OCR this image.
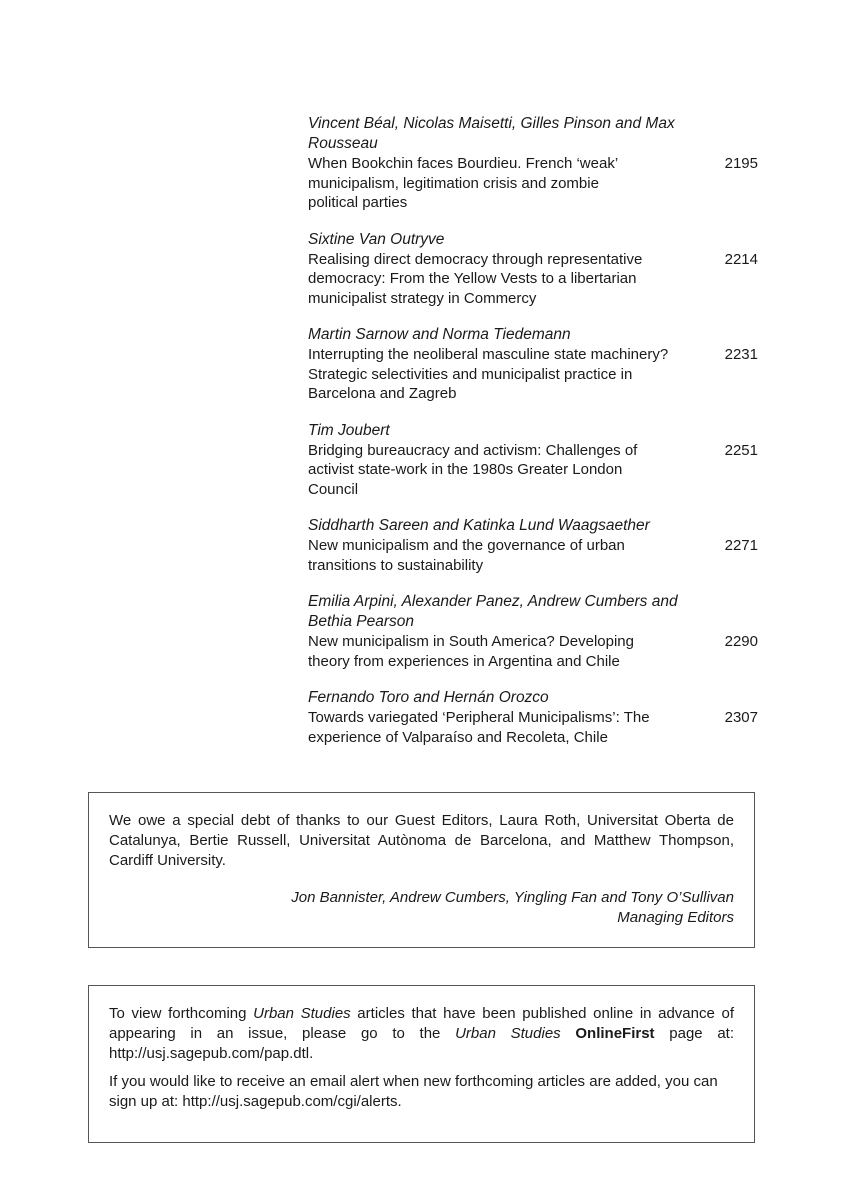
Vincent Béal, Nicolas Maisetti, Gilles Pinson and Max Rousseau
2195
When Bookchin faces Bourdieu. French ‘weak’ municipalism, legitimation crisis and zombie political parties
Sixtine Van Outryve
2214
Realising direct democracy through representative democracy: From the Yellow Vests to a libertarian municipalist strategy in Commercy
Martin Sarnow and Norma Tiedemann
2231
Interrupting the neoliberal masculine state machinery? Strategic selectivities and municipalist practice in Barcelona and Zagreb
Tim Joubert
2251
Bridging bureaucracy and activism: Challenges of activist state-work in the 1980s Greater London Council
Siddharth Sareen and Katinka Lund Waagsaether
2271
New municipalism and the governance of urban transitions to sustainability
Emilia Arpini, Alexander Panez, Andrew Cumbers and Bethia Pearson
2290
New municipalism in South America? Developing theory from experiences in Argentina and Chile
Fernando Toro and Hernán Orozco
2307
Towards variegated ‘Peripheral Municipalisms’: The experience of Valparaíso and Recoleta, Chile

We owe a special debt of thanks to our Guest Editors, Laura Roth, Universitat Oberta de Catalunya, Bertie Russell, Universitat Autònoma de Barcelona, and Matthew Thompson, Cardiff University.

Jon Bannister, Andrew Cumbers, Yingling Fan and Tony O’Sullivan
Managing Editors

To view forthcoming Urban Studies articles that have been published online in advance of appearing in an issue, please go to the Urban Studies OnlineFirst page at: http://usj.sagepub.com/pap.dtl.

If you would like to receive an email alert when new forthcoming articles are added, you can sign up at: http://usj.sagepub.com/cgi/alerts.
